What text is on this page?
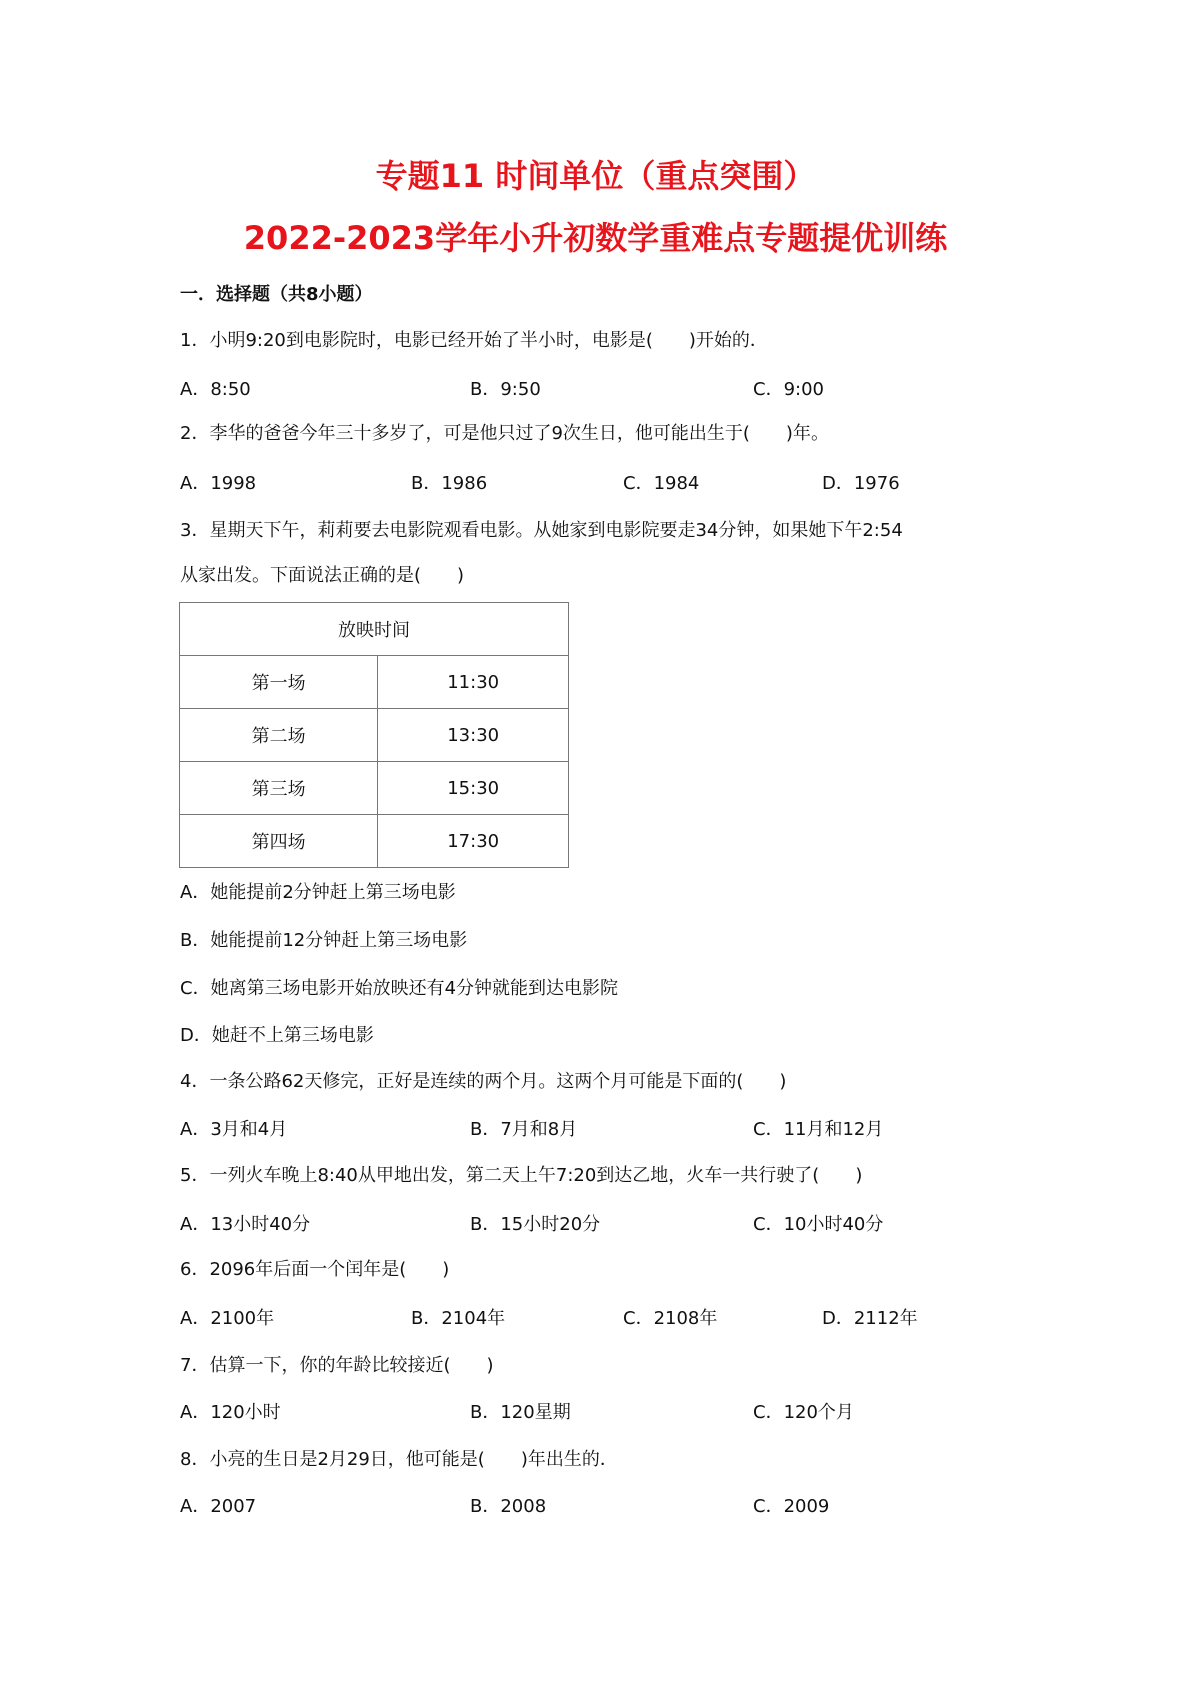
专题11 时间单位（重点突围）
2022-2023学年小升初数学重难点专题提优训练
一．选择题（共8小题）
1．小明9:20到电影院时，电影已经开始了半小时，电影是(　　)开始的．
A．8:50	B．9:50	C．9:00
2．李华的爸爸今年三十多岁了，可是他只过了9次生日，他可能出生于(　　)年。
A．1998	B．1986	C．1984	D．1976
3．星期天下午，莉莉要去电影院观看电影。从她家到电影院要走34分钟，如果她下午2:54
从家出发。下面说法正确的是(　　)
放映时间	
第一场	11:30
第二场	13:30
第三场	15:30
第四场	17:30
A．她能提前2分钟赶上第三场电影
B．她能提前12分钟赶上第三场电影
C．她离第三场电影开始放映还有4分钟就能到达电影院
D．她赶不上第三场电影
4．一条公路62天修完，正好是连续的两个月。这两个月可能是下面的(　　)
A．3月和4月	B．7月和8月	C．11月和12月
5．一列火车晚上8:40从甲地出发，第二天上午7:20到达乙地，火车一共行驶了(　　)
A．13小时40分	B．15小时20分	C．10小时40分
6．2096年后面一个闰年是(　　)
A．2100年	B．2104年	C．2108年	D．2112年
7．估算一下，你的年龄比较接近(　　)
A．120小时	B．120星期	C．120个月
8．小亮的生日是2月29日，他可能是(　　)年出生的．
A．2007	B．2008	C．2009
